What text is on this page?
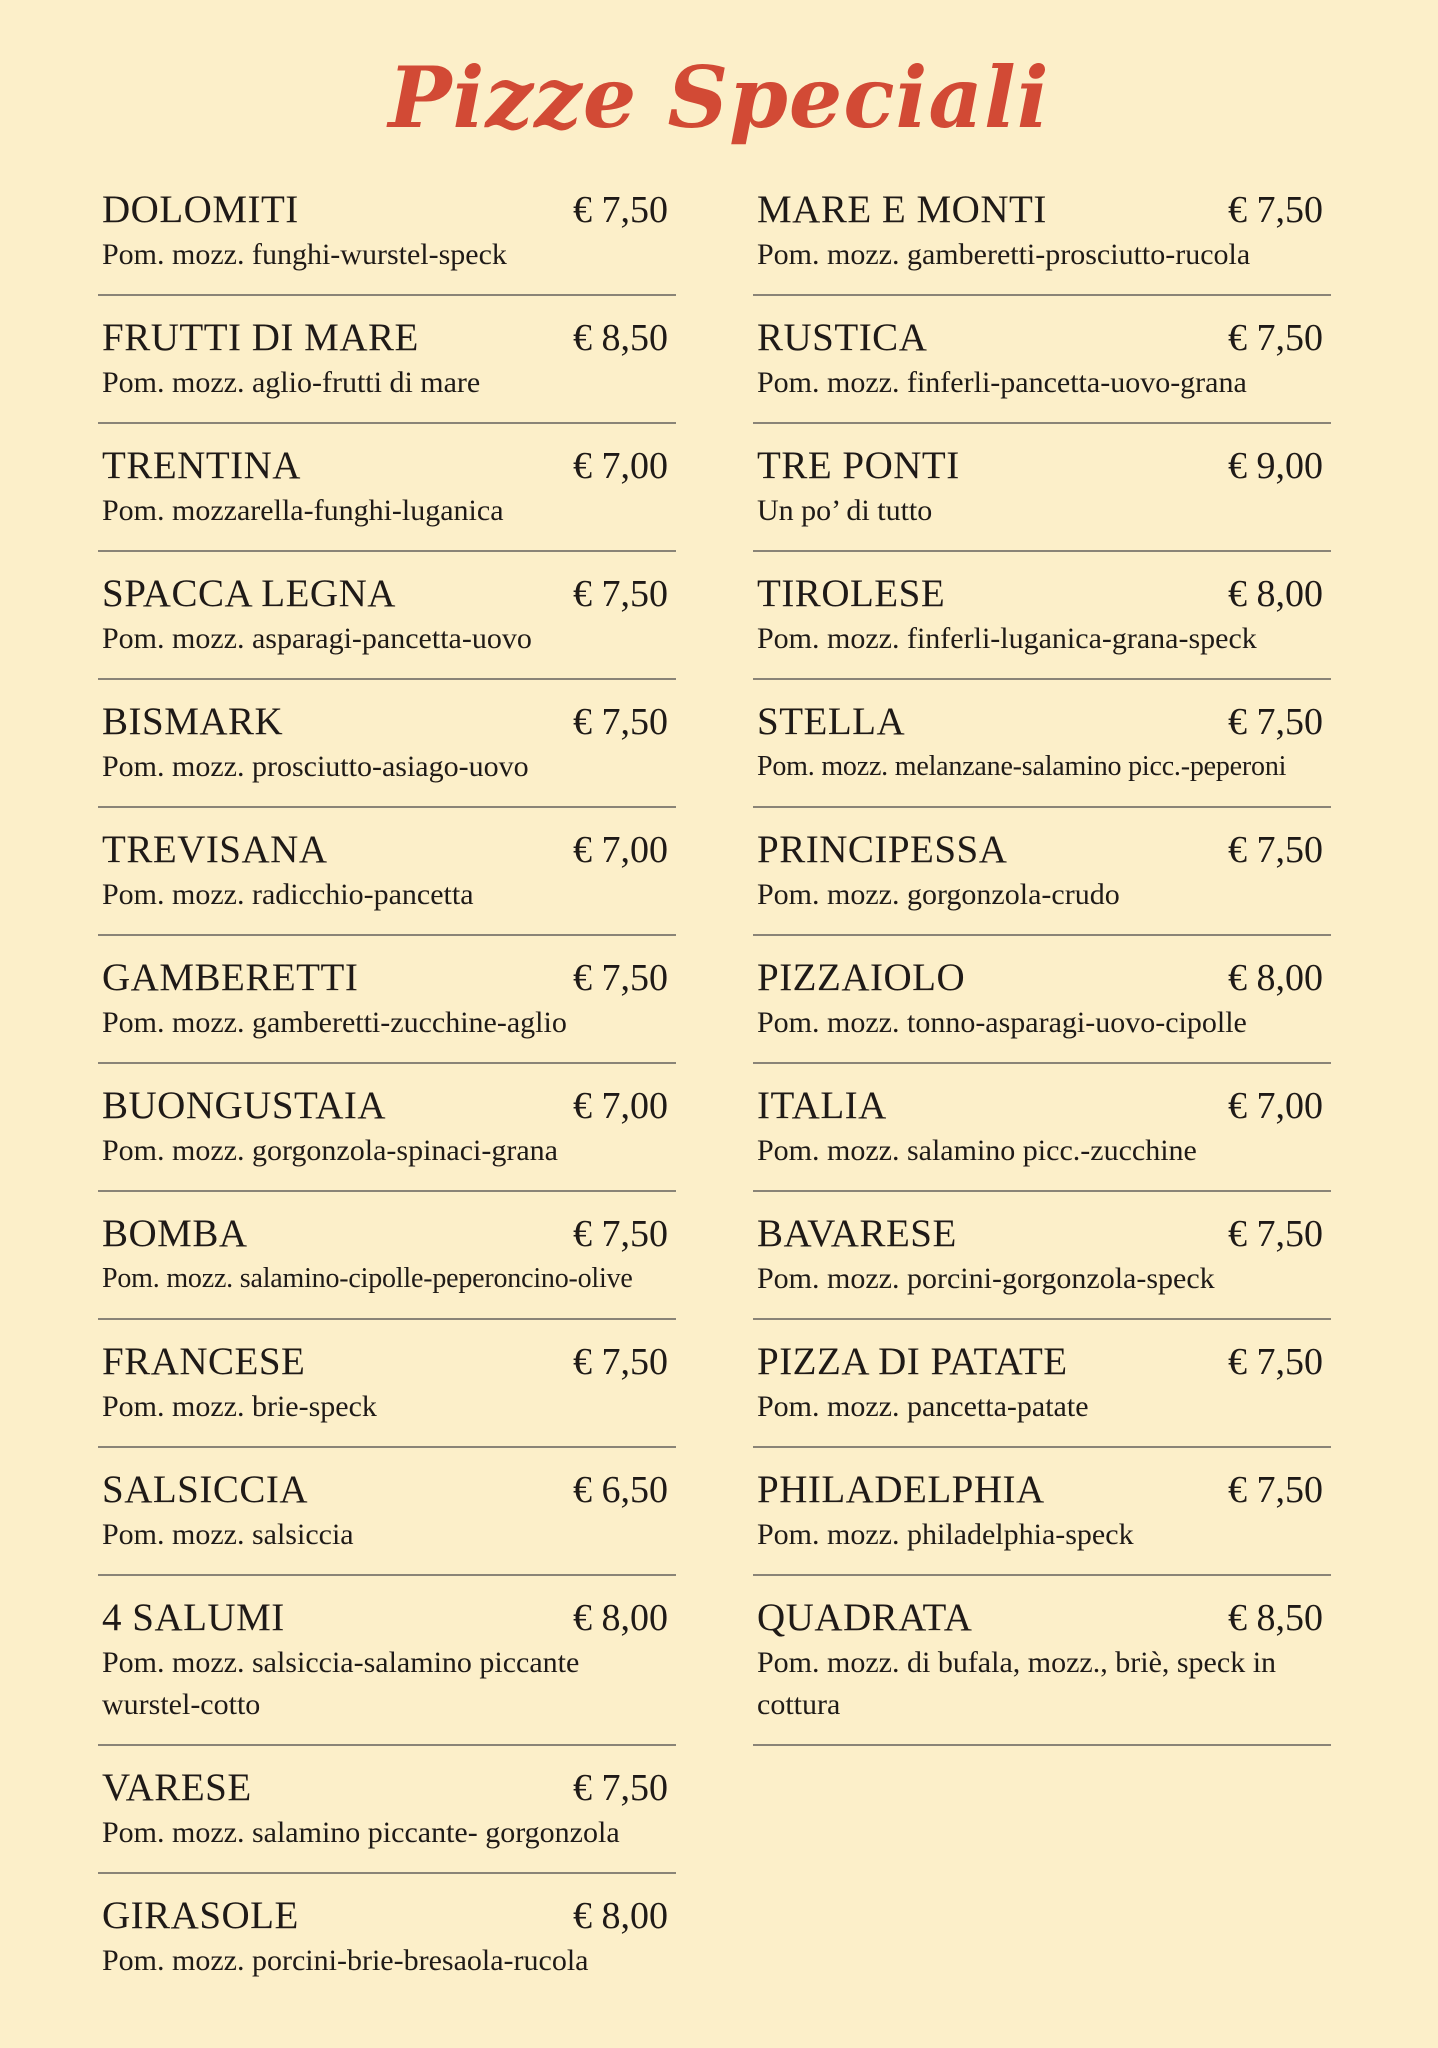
Pizze Speciali
DOLOMITI	€ 7,50
Pom. mozz. funghi-wurstel-speck
FRUTTI DI MARE	€ 8,50
Pom. mozz. aglio-frutti di mare
TRENTINA	€ 7,00
Pom. mozzarella-funghi-luganica
SPACCA LEGNA	€ 7,50
Pom. mozz. asparagi-pancetta-uovo
BISMARK	€ 7,50
Pom. mozz. prosciutto-asiago-uovo
TREVISANA	€ 7,00
Pom. mozz. radicchio-pancetta
GAMBERETTI	€ 7,50
Pom. mozz. gamberetti-zucchine-aglio
BUONGUSTAIA	€ 7,00
Pom. mozz. gorgonzola-spinaci-grana
BOMBA	€ 7,50
Pom. mozz. salamino-cipolle-peperoncino-olive
FRANCESE	€ 7,50
Pom. mozz. brie-speck
SALSICCIA	€ 6,50
Pom. mozz. salsiccia
4 SALUMI	€ 8,00
Pom. mozz. salsiccia-salamino piccante wurstel-cotto
VARESE	€ 7,50
Pom. mozz. salamino piccante- gorgonzola
GIRASOLE	€ 8,00
Pom. mozz. porcini-brie-bresaola-rucola
MARE E MONTI	€ 7,50
Pom. mozz. gamberetti-prosciutto-rucola
RUSTICA	€ 7,50
Pom. mozz. finferli-pancetta-uovo-grana
TRE PONTI	€ 9,00
Un po’ di tutto
TIROLESE	€ 8,00
Pom. mozz. finferli-luganica-grana-speck
STELLA	€ 7,50
Pom. mozz. melanzane-salamino picc.-peperoni
PRINCIPESSA	€ 7,50
Pom. mozz. gorgonzola-crudo
PIZZAIOLO	€ 8,00
Pom. mozz. tonno-asparagi-uovo-cipolle
ITALIA	€ 7,00
Pom. mozz. salamino picc.-zucchine
BAVARESE	€ 7,50
Pom. mozz. porcini-gorgonzola-speck
PIZZA DI PATATE	€ 7,50
Pom. mozz. pancetta-patate
PHILADELPHIA	€ 7,50
Pom. mozz. philadelphia-speck
QUADRATA	€ 8,50
Pom. mozz. di bufala, mozz., briè, speck in cottura
